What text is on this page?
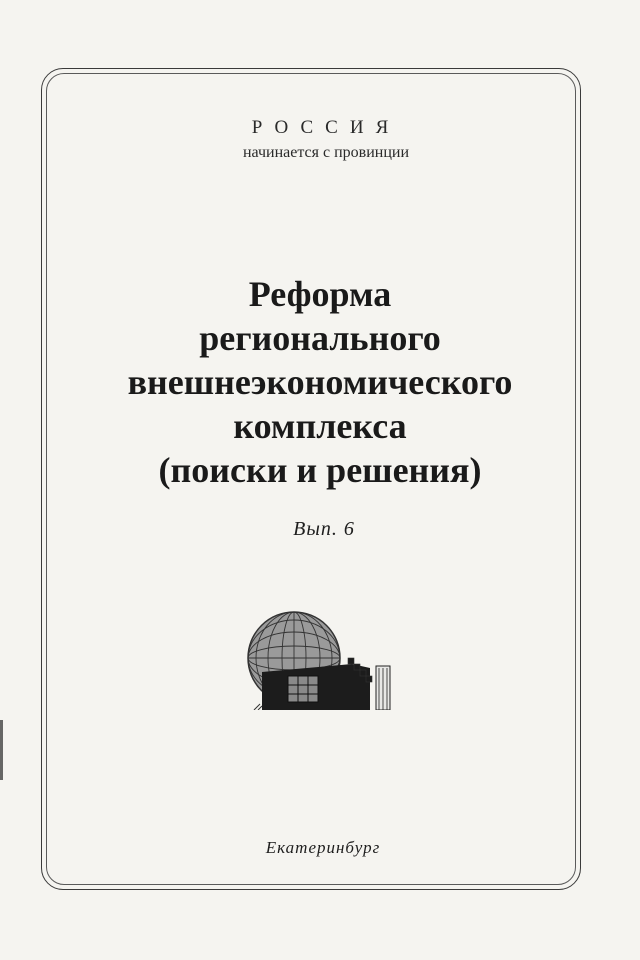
РОССИЯ
начинается с провинции
Реформа
регионального
внешнеэкономического
комплекса
(поиски и решения)
Вып. 6
Екатеринбург
